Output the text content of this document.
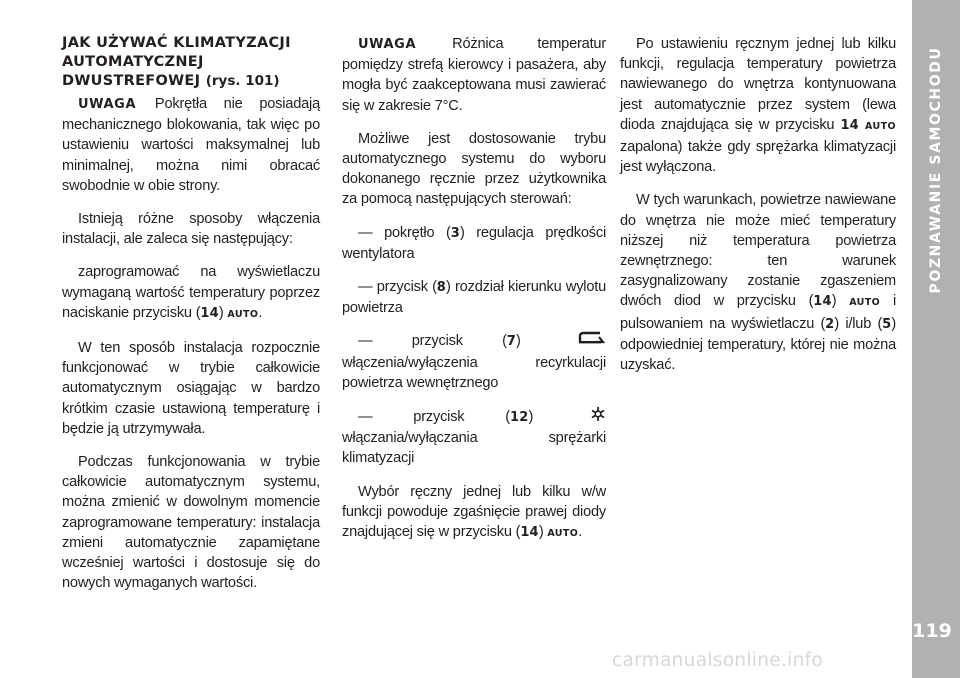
JAK UŻYWAĆ KLIMATYZACJI
AUTOMATYCZNEJ
DWUSTREFOWEJ (rys. 101)

UWAGA Pokrętła nie posiadają mechanicznego blokowania, tak więc po ustawieniu wartości maksymalnej lub minimalnej, można nimi obracać swobodnie w obie strony.

Istnieją różne sposoby włączenia instalacji, ale zaleca się następujący:

zaprogramować na wyświetlaczu wymaganą wartość temperatury poprzez naciskanie przycisku (14) AUTO.

W ten sposób instalacja rozpocznie funkcjonować w trybie całkowicie automatycznym osiągając w bardzo krótkim czasie ustawioną temperaturę i będzie ją utrzymywała.

Podczas funkcjonowania w trybie całkowicie automatycznym systemu, można zmienić w dowolnym momencie zaprogramowane temperatury: instalacja zmieni automatycznie zapamiętane wcześniej wartości i dostosuje się do nowych wymaganych wartości.

UWAGA Różnica temperatur pomiędzy strefą kierowcy i pasażera, aby mogła być zaakceptowana musi zawierać się w zakresie 7°C.

Możliwe jest dostosowanie trybu automatycznego systemu do wyboru dokonanego ręcznie przez użytkownika za pomocą następujących sterowań:

— pokrętło (3) regulacja prędkości wentylatora

— przycisk (8) rozdział kierunku wylotu powietrza

—	przycisk (7)  włączenia/wyłączenia recyrkulacji powietrza wewnętrznego

—	przycisk (12)  włączania/wyłączania sprężarki klimatyzacji

Wybór ręczny jednej lub kilku w/w funkcji powoduje zgaśnięcie prawej diody znajdującej się w przycisku (14) AUTO.

Po ustawieniu ręcznym jednej lub kilku funkcji, regulacja temperatury powietrza nawiewanego do wnętrza kontynuowana jest automatycznie przez system (lewa dioda znajdująca się w przycisku 14 AUTO zapalona) także gdy sprężarka klimatyzacji jest wyłączona.

W tych warunkach, powietrze nawiewane do wnętrza nie może mieć temperatury niższej niż temperatura powietrza zewnętrznego: ten warunek zasygnalizowany zostanie zgaszeniem dwóch diod w przycisku (14) AUTO i pulsowaniem na wyświetlaczu (2) i/lub (5) odpowiedniej temperatury, której nie można uzyskać.

POZNAWANIE SAMOCHODU
119
carmanualsonline.info
